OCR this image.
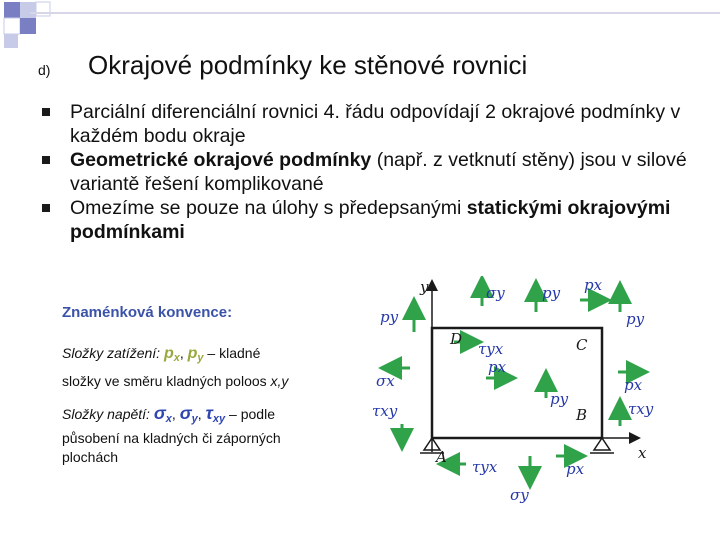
d) Okrajové podmínky ke stěnové rovnici
Parciální diferenciální rovnici 4. řádu odpovídají 2 okrajové podmínky v každém bodu okraje
Geometrické okrajové podmínky (např. z vetknutí stěny) jsou v silové variantě řešení komplikované
Omezíme se pouze na úlohy s předepsanými statickými okrajovými podmínkami
Znaménková konvence:
Složky zatížení: $p_x$, $p_y$ – kladné
složky ve směru kladných poloos x,y
Složky napětí: $\sigma_x$, $\sigma_y$, $\tau_{xy}$ – podle
působení na kladných či záporných
plochách
y
x
A
B
C
D
σy py px
py
py
σx
τxy
τyx
px
py
px
τxy
τyx
σy
px
